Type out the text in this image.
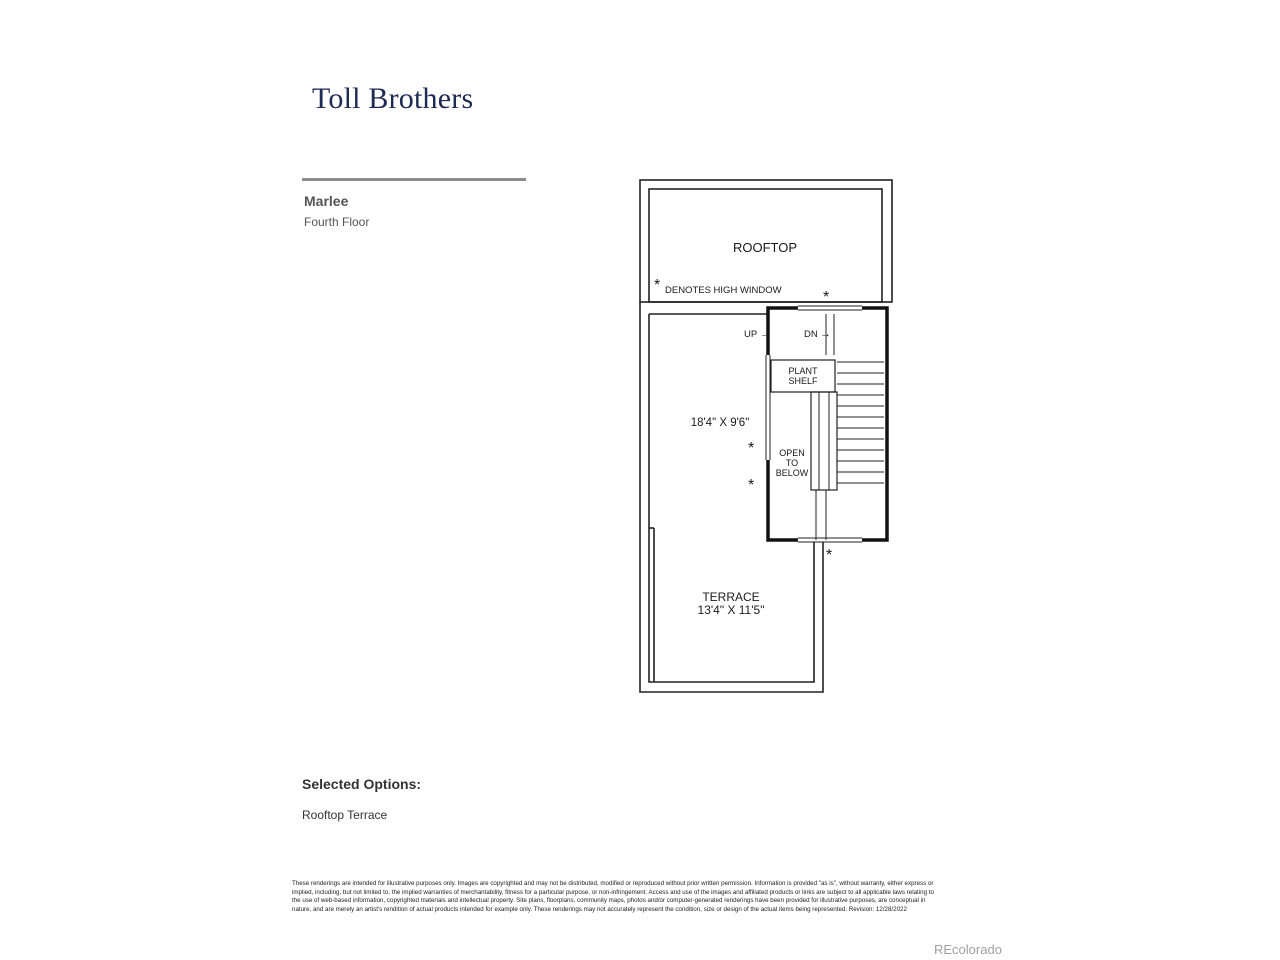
Toll Brothers
Marlee
Fourth Floor
ROOFTOP
* DENOTES HIGH WINDOW	*
UP →	DN →
PLANT
SHELF
18'4" X 9'6"
*
*
OPEN
TO
BELOW
*
TERRACE
13'4" X 11'5"
Selected Options:
Rooftop Terrace
These renderings are intended for illustrative purposes only. Images are copyrighted and may not be distributed, modified or reproduced without prior written permission. Information is provided "as is", without warranty, either express or implied, including, but not limited to, the implied warranties of merchantability, fitness for a particular purpose, or non-infringement. Access and use of the images and affiliated products or links are subject to all applicable laws relating to the use of web-based information, copyrighted materials and intellectual property. Site plans, floorplans, community maps, photos and/or computer-generated renderings have been provided for illustrative purposes, are conceptual in nature, and are merely an artist's rendition of actual products intended for example only. These renderings may not accurately represent the condition, size or design of the actual items being represented. Revision: 12/28/2022
REcolorado
